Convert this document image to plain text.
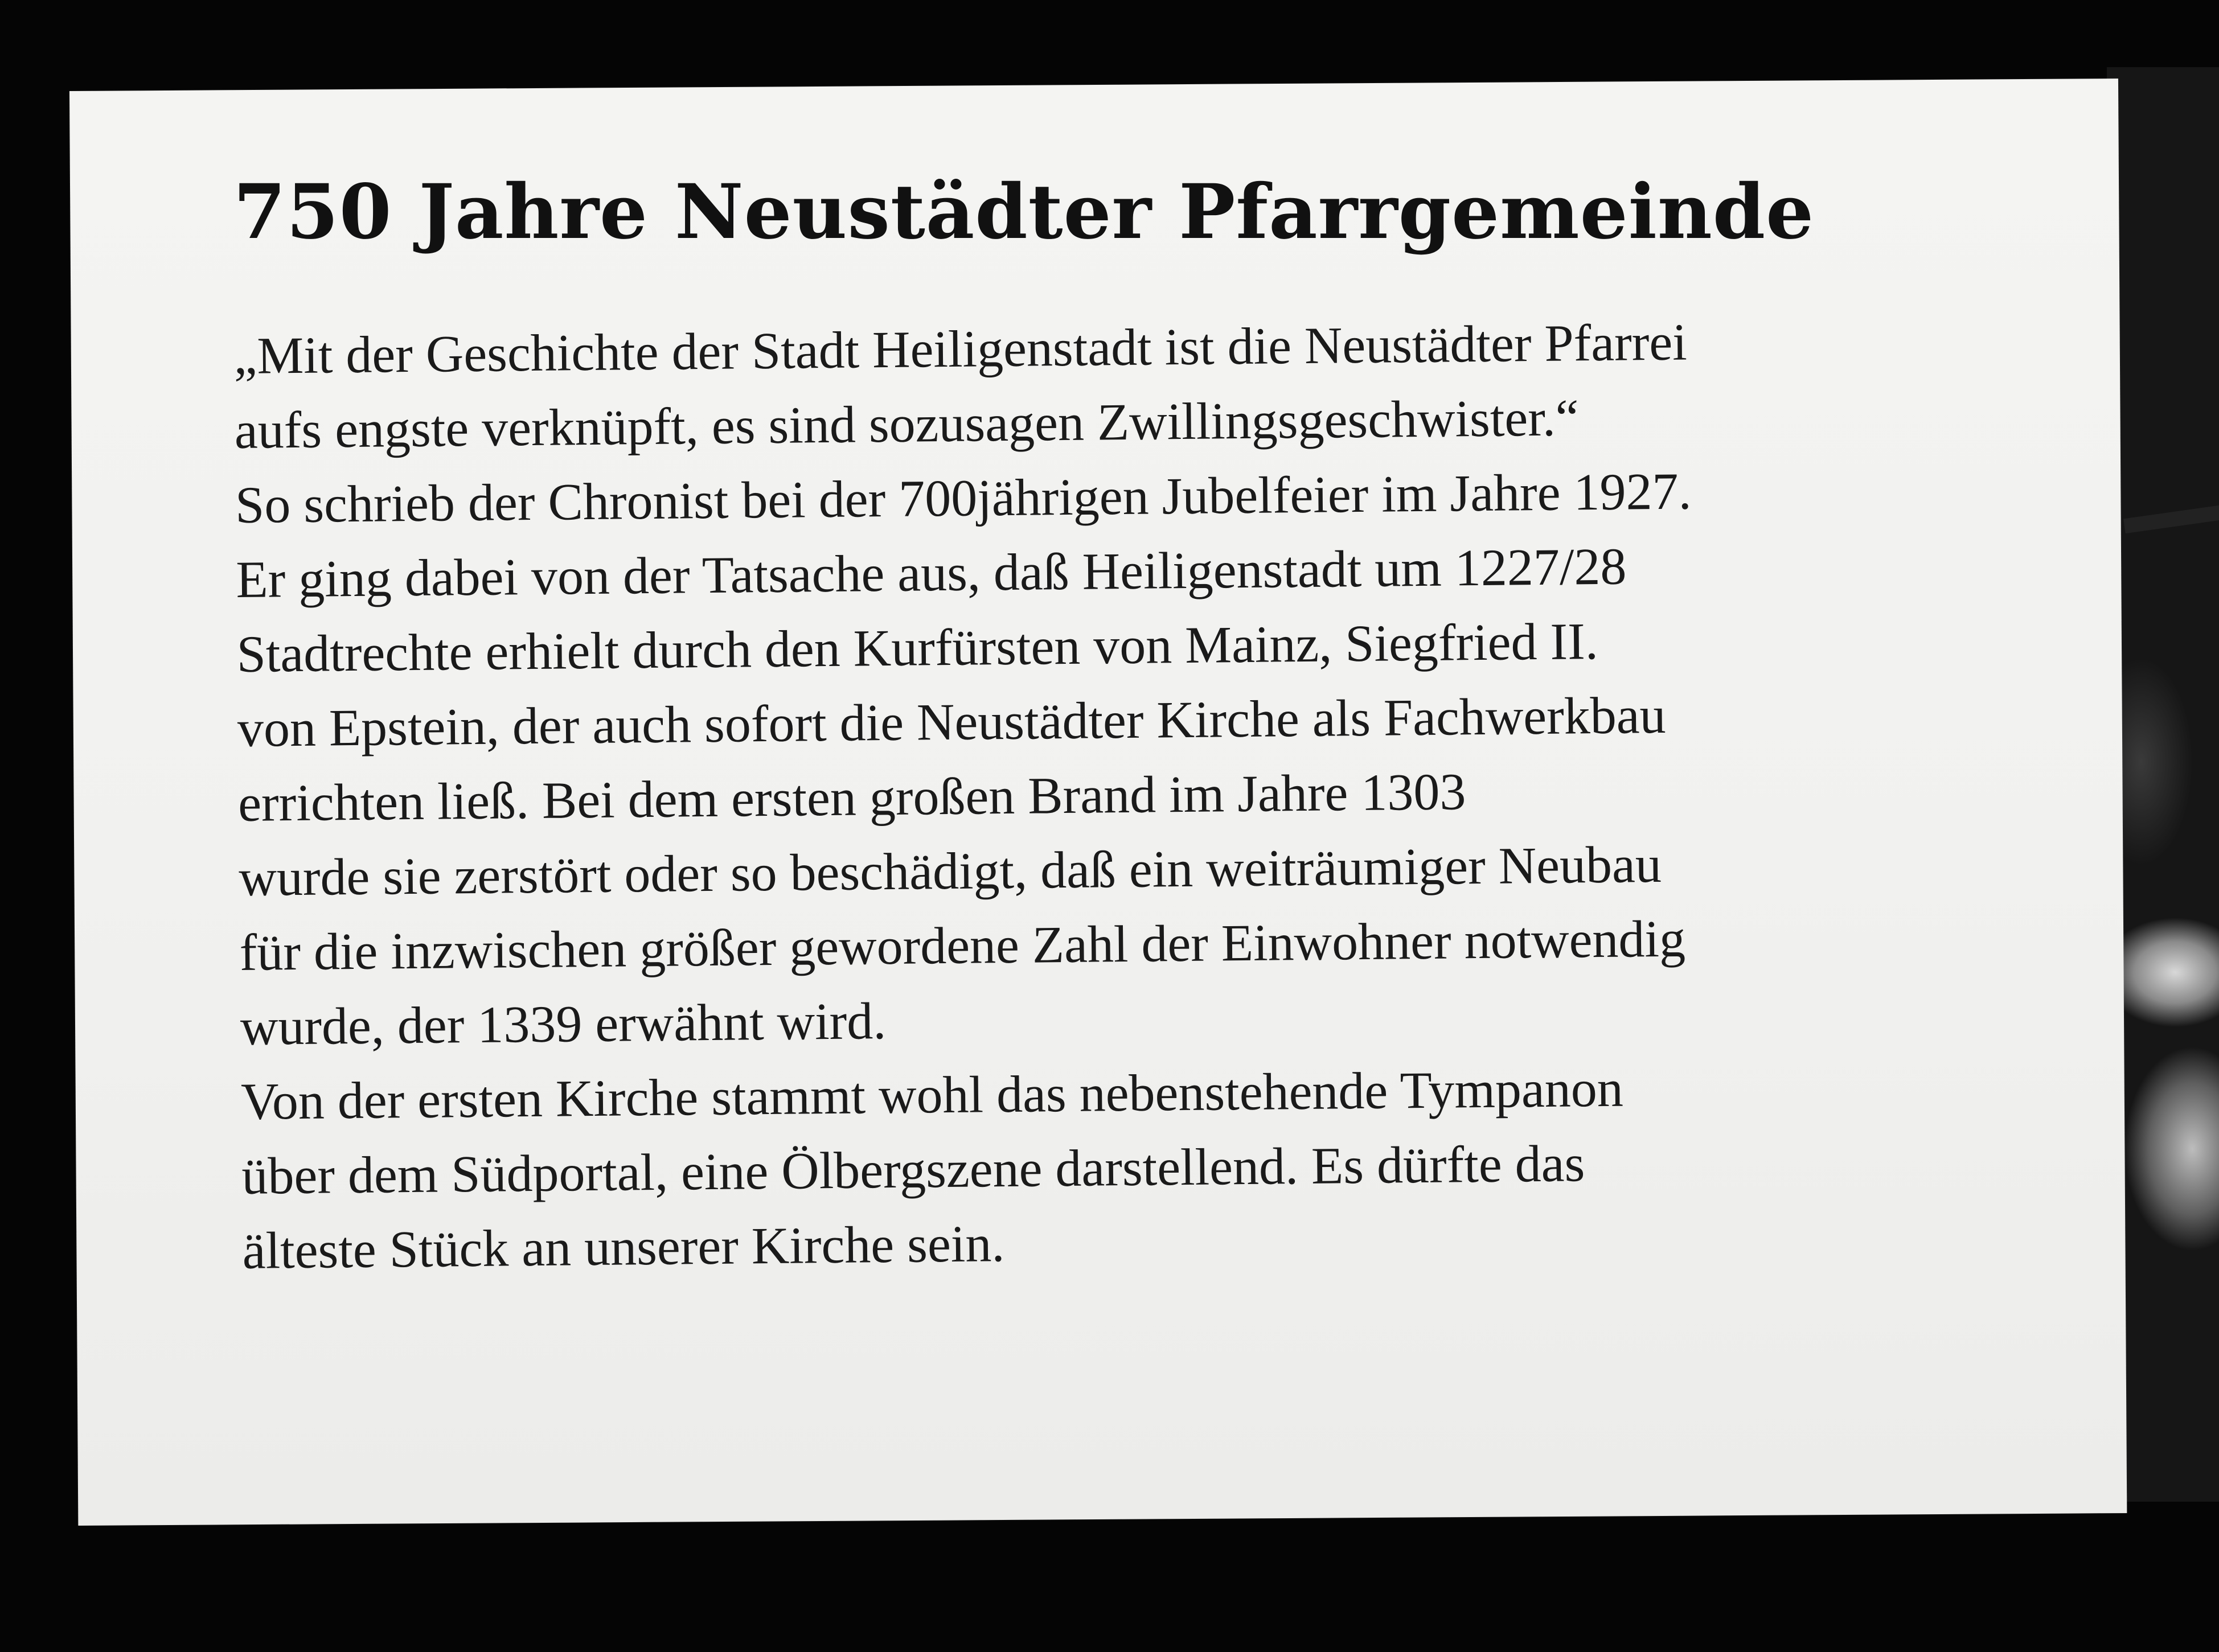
750 Jahre Neustädter Pfarrgemeinde
„Mit der Geschichte der Stadt Heiligenstadt ist die Neustädter Pfarrei
aufs engste verknüpft, es sind sozusagen Zwillingsgeschwister.“
So schrieb der Chronist bei der 700jährigen Jubelfeier im Jahre 1927.
Er ging dabei von der Tatsache aus, daß Heiligenstadt um 1227/28
Stadtrechte erhielt durch den Kurfürsten von Mainz, Siegfried II.
von Epstein, der auch sofort die Neustädter Kirche als Fachwerkbau
errichten ließ. Bei dem ersten großen Brand im Jahre 1303
wurde sie zerstört oder so beschädigt, daß ein weiträumiger Neubau
für die inzwischen größer gewordene Zahl der Einwohner notwendig
wurde, der 1339 erwähnt wird.
Von der ersten Kirche stammt wohl das nebenstehende Tympanon
über dem Südportal, eine Ölbergszene darstellend. Es dürfte das
älteste Stück an unserer Kirche sein.
